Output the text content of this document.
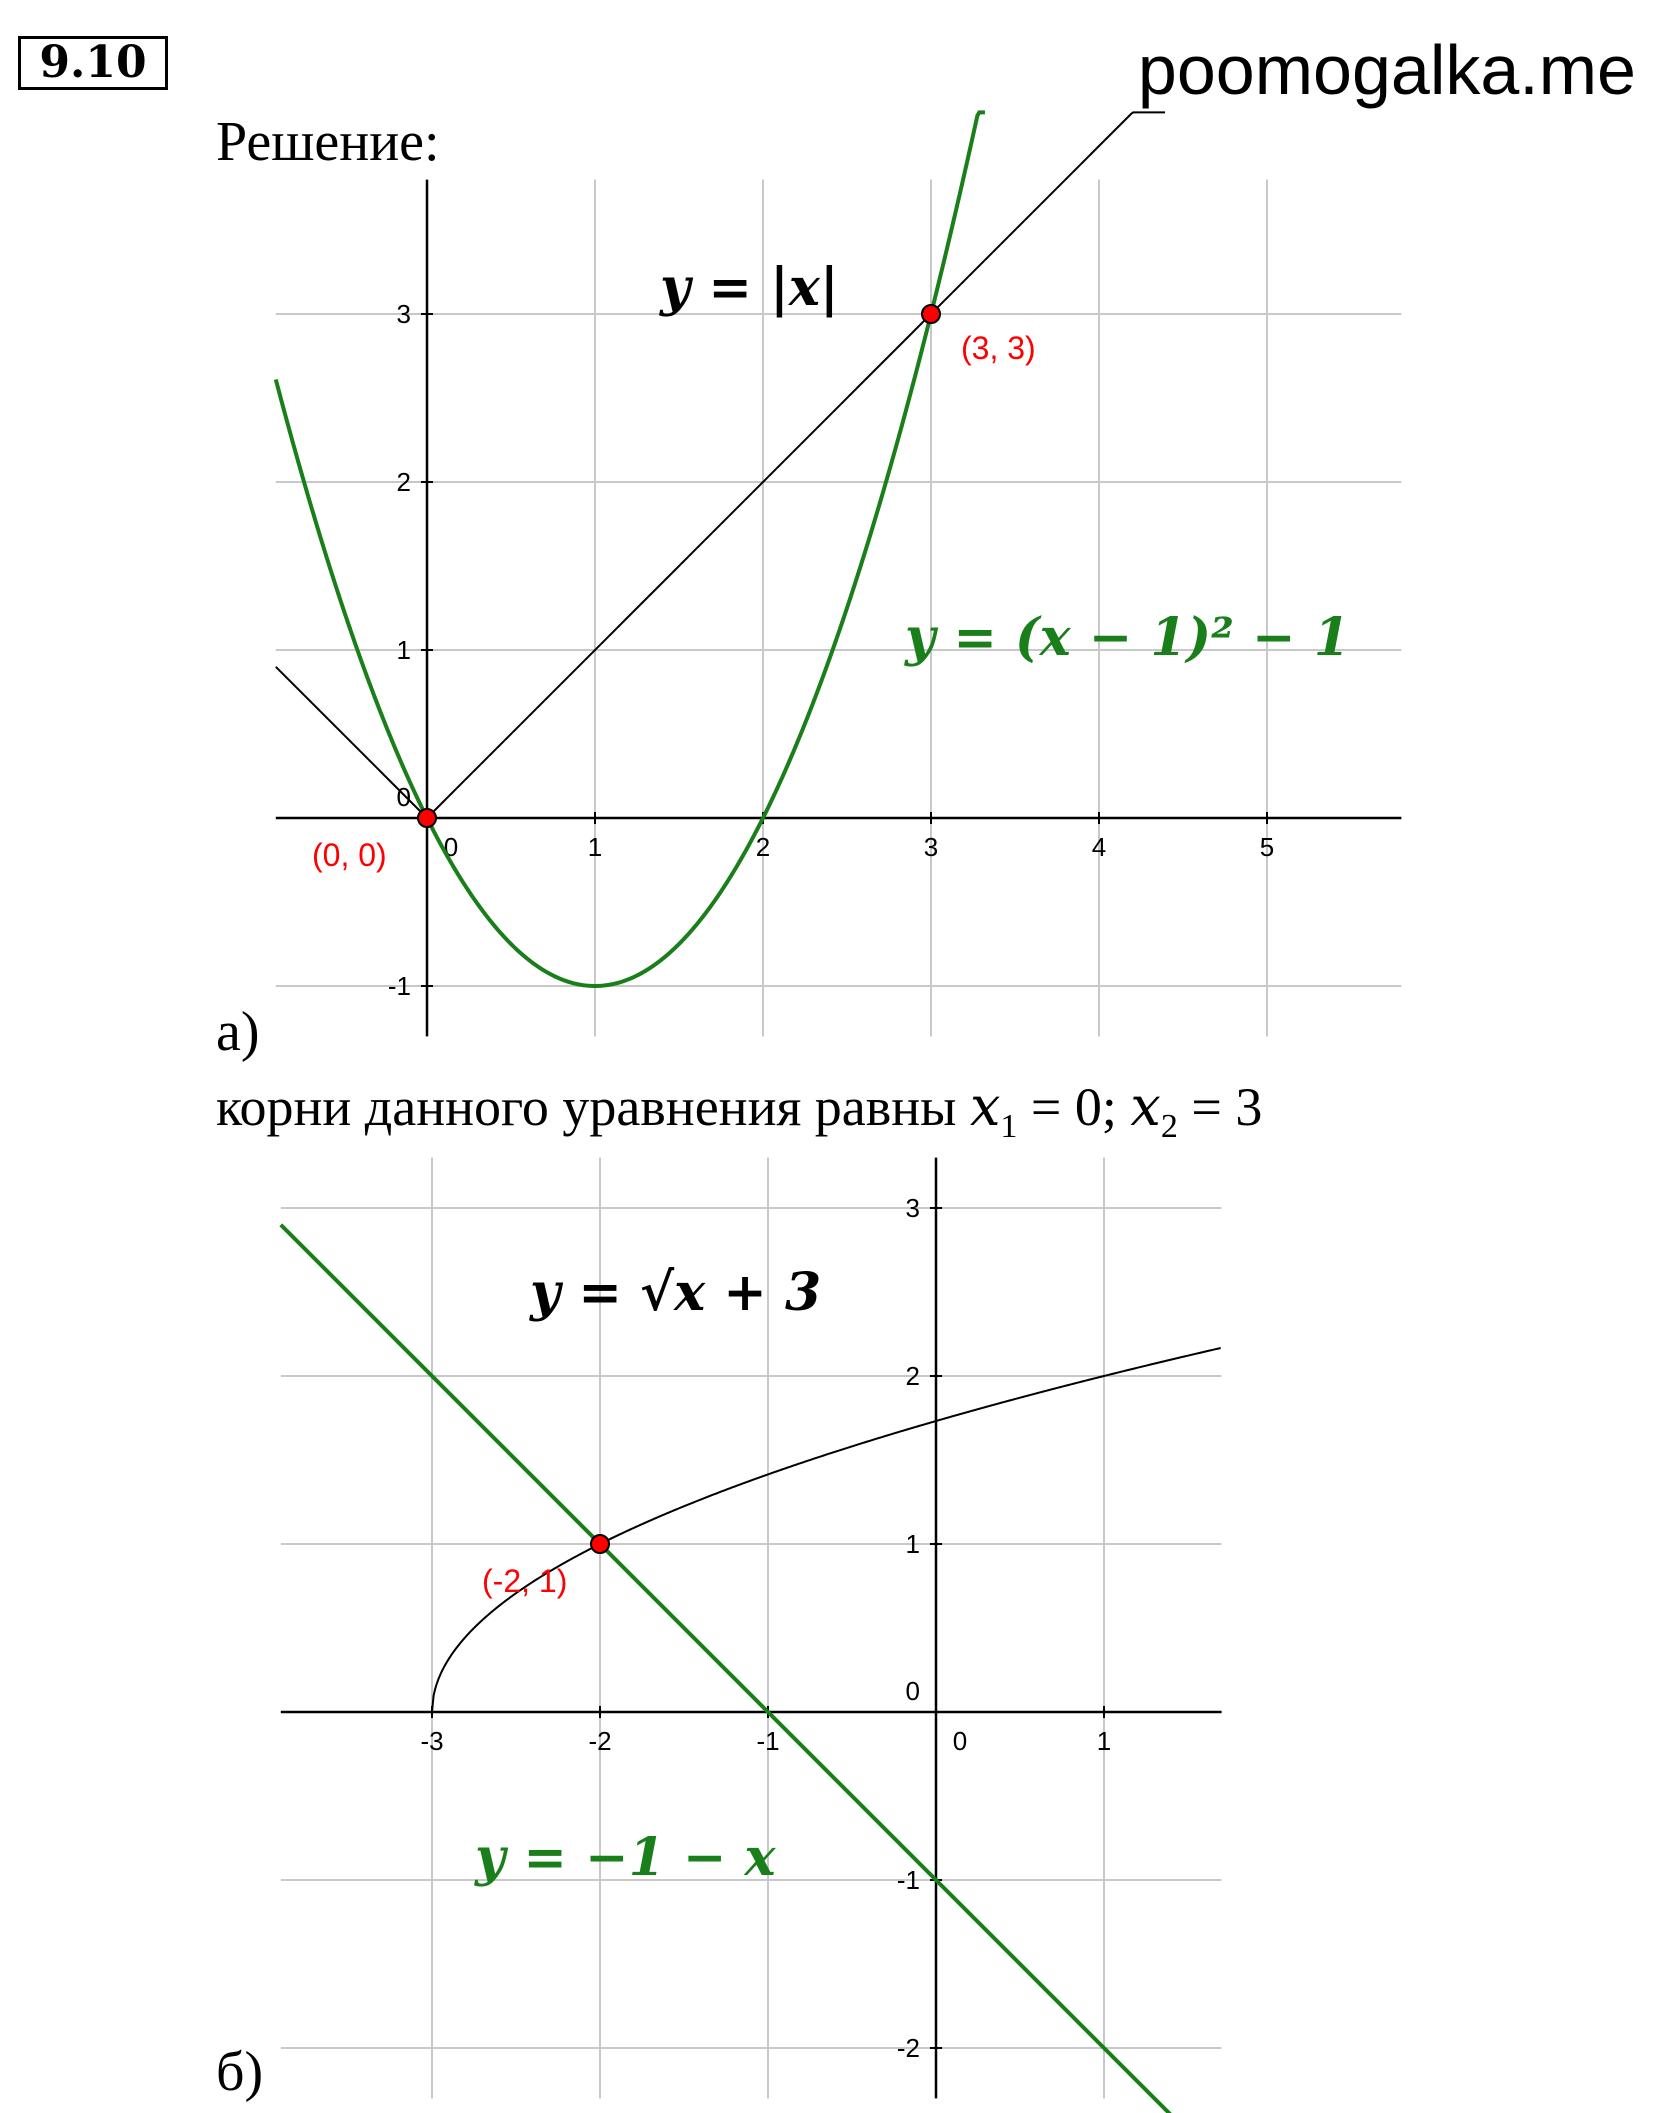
9.10	poomogalka.me
Решение:
0	1	2	3	4	5
-1
0
1
2
3
(0, 0)
(3, 3)
y = |x|
y = (x − 1)² − 1
-3	-2	-1	0	1
-2
-1
0
1
2
3
(-2, 1)
y = √x + 3
y = −1 − x
а)
корни данного уравнения равны $x_1 = 0$; $x_2 = 3$
б)
